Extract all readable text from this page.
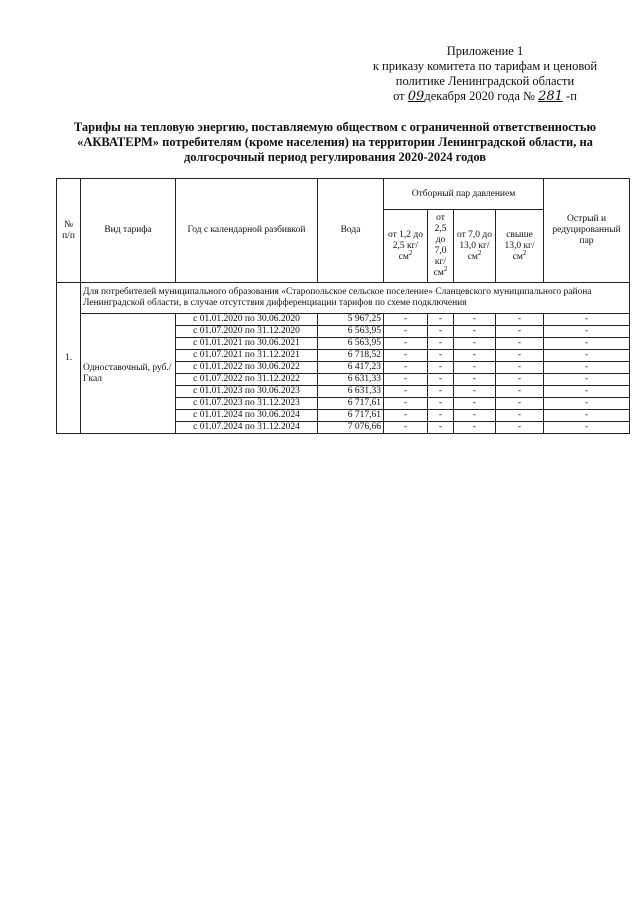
Приложение 1
к приказу комитета по тарифам и ценовой
политике Ленинградской области
от 09декабря 2020 года № 281 -п
Тарифы на тепловую энергию, поставляемую обществом с ограниченной ответственностью
«АКВАТЕРМ» потребителям (кроме населения) на территории Ленинградской области, на
долгосрочный период регулирования 2020-2024 годов
№ п/п	Вид тарифа	Год с календарной разбивкой	Вода	Отборный пар давлением				Острый и редуцированный пар
				от 1,2 до 2,5 $кг/см^2$	от 2,5 до 7,0 $кг/см^2$	от 7,0 до 13,0 $кг/см^2$	свыше 13,0 $кг/см^2$
1.	Для потребителей муниципального образования «Старопольское сельское поселение» Сланцевского муниципального района Ленинградской области, в случае отсутствия дифференциации тарифов по схеме подключения							
	Одноставочный, руб./Гкал	с 01.01.2020 по 30.06.2020	5 967,25	-	-	-	-	-
		с 01.07.2020 по 31.12.2020	6 563,95	-	-	-	-	-
		с 01.01.2021 по 30.06.2021	6 563,95	-	-	-	-	-
		с 01.07.2021 по 31.12.2021	6 718,52	-	-	-	-	-
		с 01.01.2022 по 30.06.2022	6 417,23	-	-	-	-	-
		с 01.07.2022 по 31.12.2022	6 631,33	-	-	-	-	-
		с 01.01.2023 по 30.06.2023	6 631,33	-	-	-	-	-
		с 01.07.2023 по 31.12.2023	6 717,61	-	-	-	-	-
		с 01.01.2024 по 30.06.2024	6 717,61	-	-	-	-	-
		с 01.07.2024 по 31.12.2024	7 076,66	-	-	-	-	-
